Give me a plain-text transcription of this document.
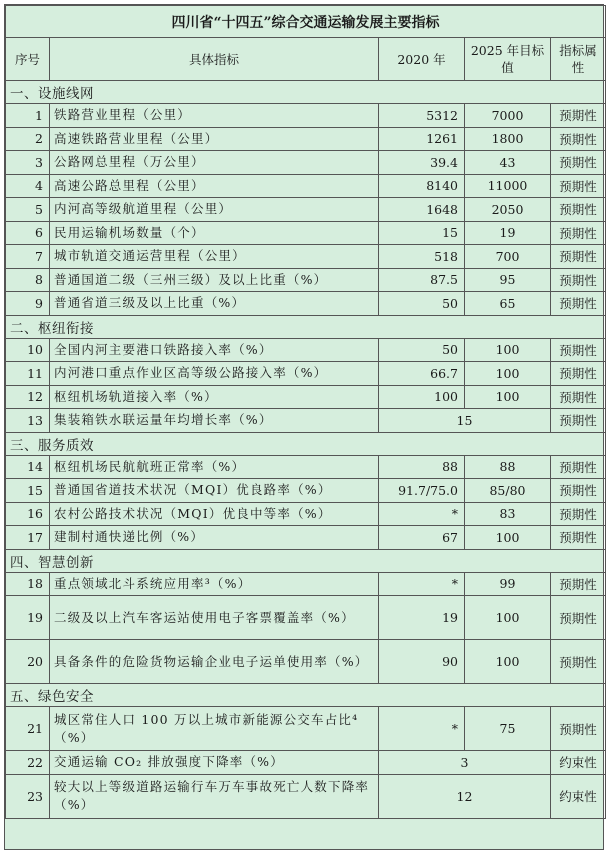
四川省“十四五”综合交通运输发展主要指标				
序号	具体指标	2020 年	2025 年目标值	指标属性
一、设施线网				
1	铁路营业里程（公里）	5312	7000	预期性
2	高速铁路营业里程（公里）	1261	1800	预期性
3	公路网总里程（万公里）	39.4	43	预期性
4	高速公路总里程（公里）	8140	11000	预期性
5	内河高等级航道里程（公里）	1648	2050	预期性
6	民用运输机场数量（个）	15	19	预期性
7	城市轨道交通运营里程（公里）	518	700	预期性
8	普通国道二级（三州三级）及以上比重（%）	87.5	95	预期性
9	普通省道三级及以上比重（%）	50	65	预期性
二、枢纽衔接				
10	全国内河主要港口铁路接入率（%）	50	100	预期性
11	内河港口重点作业区高等级公路接入率（%）	66.7	100	预期性
12	枢纽机场轨道接入率（%）	100	100	预期性
13	集装箱铁水联运量年均增长率（%）	15		预期性
三、服务质效				
14	枢纽机场民航航班正常率（%）	88	88	预期性
15	普通国省道技术状况（MQI）优良路率（%）	91.7/75.0	85/80	预期性
16	农村公路技术状况（MQI）优良中等率（%）	*	83	预期性
17	建制村通快递比例（%）	67	100	预期性
四、智慧创新				
18	重点领域北斗系统应用率³（%）	*	99	预期性
19	二级及以上汽车客运站使用电子客票覆盖率（%）	19	100	预期性
20	具备条件的危险货物运输企业电子运单使用率（%）	90	100	预期性
五、绿色安全				
21	城区常住人口 100 万以上城市新能源公交车占比⁴（%）	*	75	预期性
22	交通运输 CO₂ 排放强度下降率（%）	3		约束性
23	较大以上等级道路运输行车万车事故死亡人数下降率（%）	12		约束性
